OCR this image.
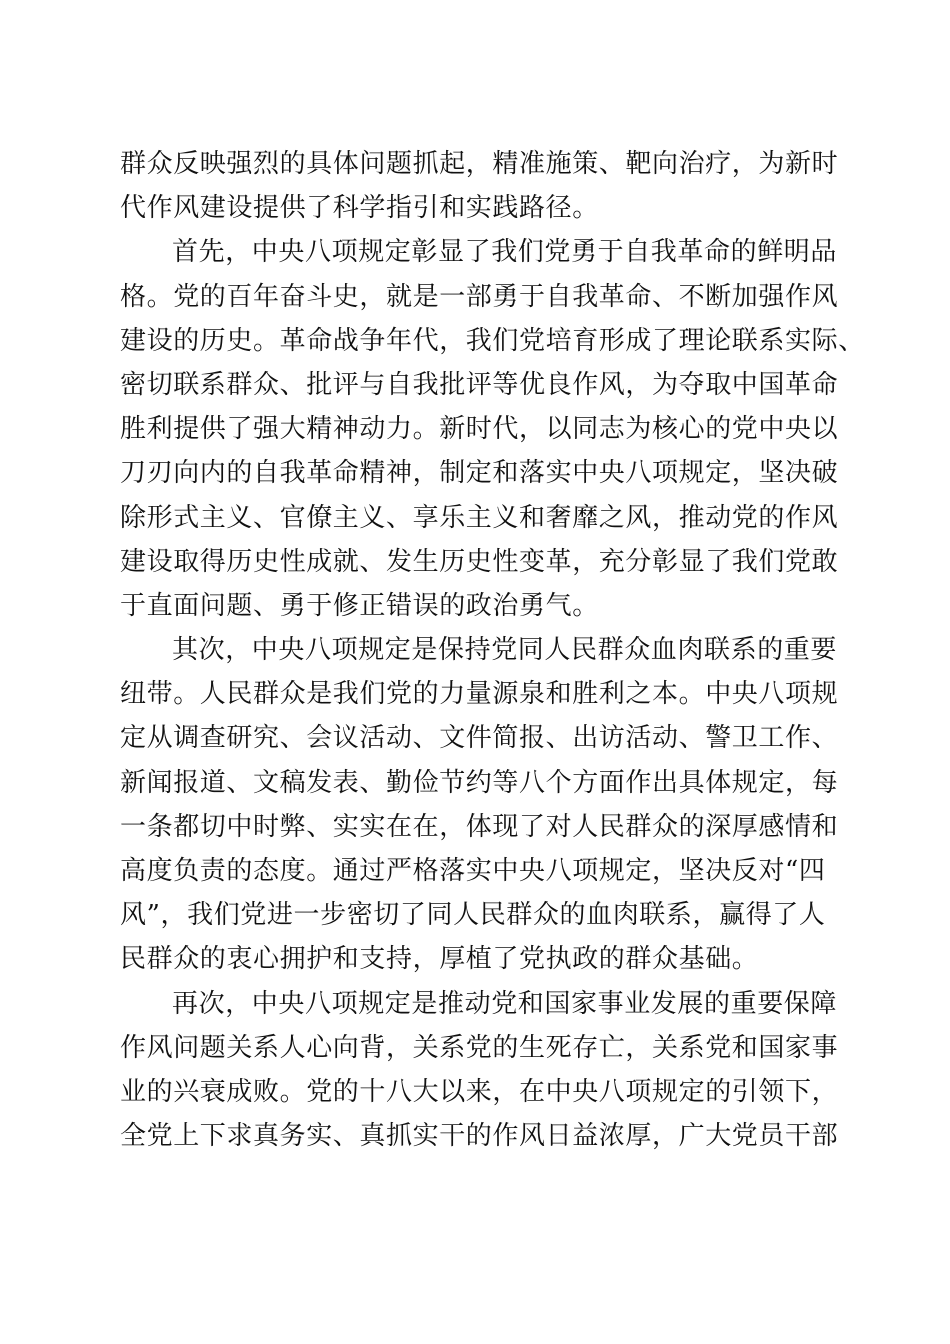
群众反映强烈的具体问题抓起，精准施策、靶向治疗，为新时
代作风建设提供了科学指引和实践路径。
首先，中央八项规定彰显了我们党勇于自我革命的鲜明品
格。党的百年奋斗史，就是一部勇于自我革命、不断加强作风
建设的历史。革命战争年代，我们党培育形成了理论联系实际、
密切联系群众、批评与自我批评等优良作风，为夺取中国革命
胜利提供了强大精神动力。新时代，以同志为核心的党中央以
刀刃向内的自我革命精神，制定和落实中央八项规定，坚决破
除形式主义、官僚主义、享乐主义和奢靡之风，推动党的作风
建设取得历史性成就、发生历史性变革，充分彰显了我们党敢
于直面问题、勇于修正错误的政治勇气。
其次，中央八项规定是保持党同人民群众血肉联系的重要
纽带。人民群众是我们党的力量源泉和胜利之本。中央八项规
定从调查研究、会议活动、文件简报、出访活动、警卫工作、
新闻报道、文稿发表、勤俭节约等八个方面作出具体规定，每
一条都切中时弊、实实在在，体现了对人民群众的深厚感情和
高度负责的态度。通过严格落实中央八项规定，坚决反对“四
风”，我们党进一步密切了同人民群众的血肉联系，赢得了人
民群众的衷心拥护和支持，厚植了党执政的群众基础。
再次，中央八项规定是推动党和国家事业发展的重要保障
作风问题关系人心向背，关系党的生死存亡，关系党和国家事
业的兴衰成败。党的十八大以来，在中央八项规定的引领下，
全党上下求真务实、真抓实干的作风日益浓厚，广大党员干部
